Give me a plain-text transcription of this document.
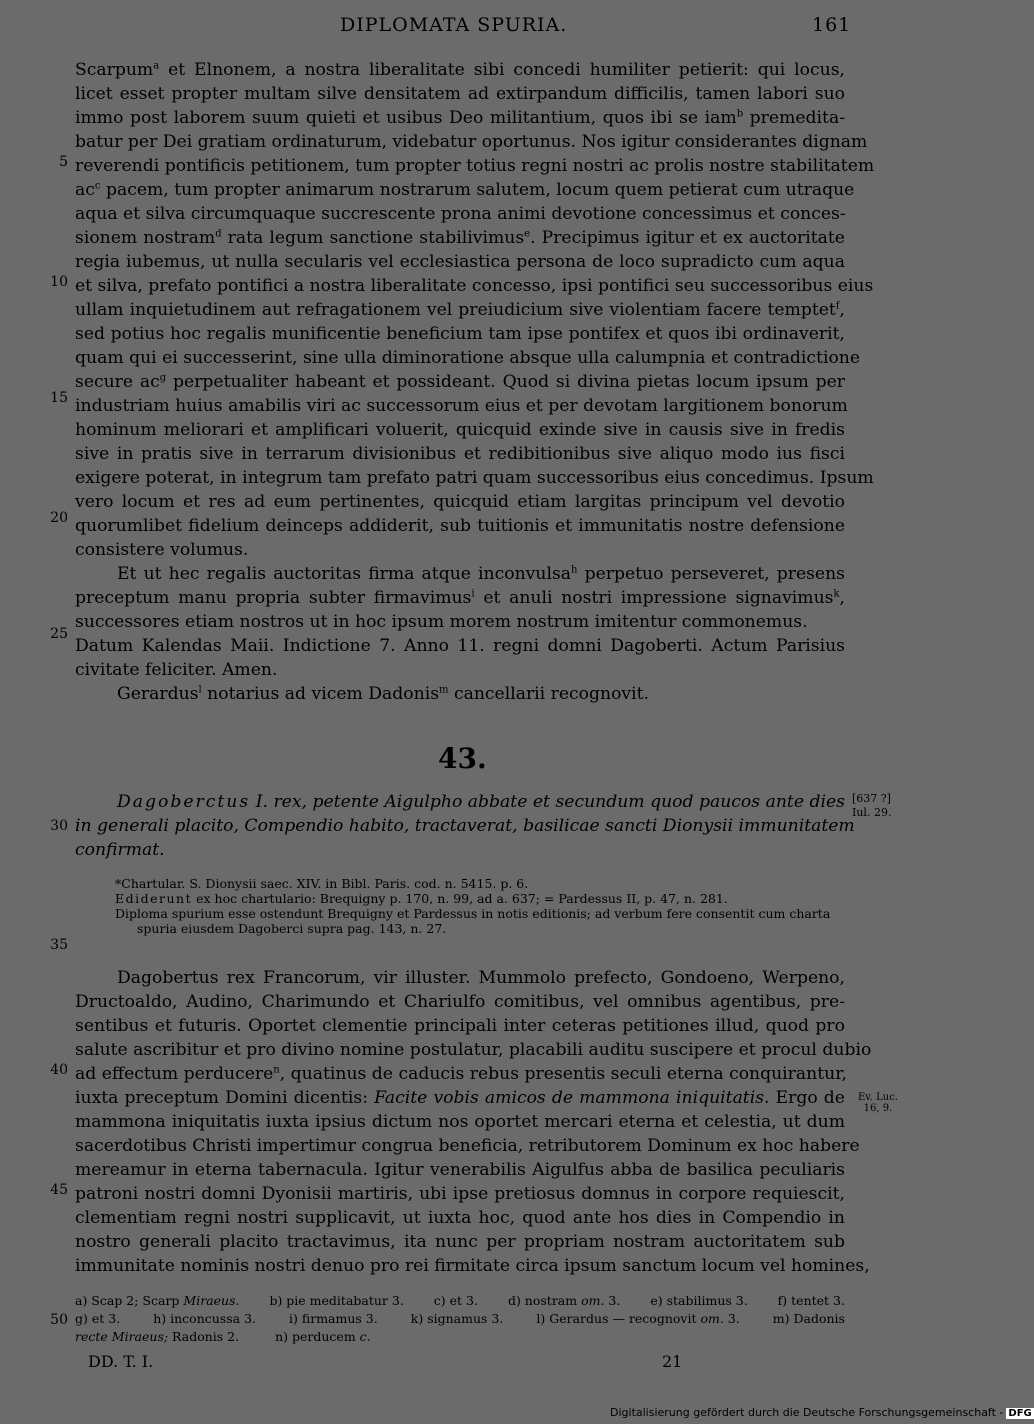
DIPLOMATA SPURIA.	161
Scarpum$^a$ et Elnonem, a nostra liberalitate sibi concedi humiliter petierit: qui locus,
licet esset propter multam silve densitatem ad extirpandum difficilis, tamen labori suo
immo post laborem suum quieti et usibus Deo militantium, quos ibi se iam$^b$ premedita-
batur per Dei gratiam ordinaturum, videbatur oportunus. Nos igitur considerantes dignam
reverendi pontificis petitionem, tum propter totius regni nostri ac prolis nostre stabilitatem
$ac^c$ pacem, tum propter animarum nostrarum salutem, locum quem petierat cum utraque
aqua et silva circumquaque succrescente prona animi devotione concessimus et conces-
sionem nostram$^d$ rata legum sanctione stabilivimus$^e$. Precipimus igitur et ex auctoritate
regia iubemus, ut nulla secularis vel ecclesiastica persona de loco supradicto cum aqua
et silva, prefato pontifici a nostra liberalitate concesso, ipsi pontifici seu successoribus eius
ullam inquietudinem aut refragationem vel preiudicium sive violentiam facere temptet$^f$,
sed potius hoc regalis munificentie beneficium tam ipse pontifex et quos ibi ordinaverit,
quam qui ei successerint, sine ulla diminoratione absque ulla calumpnia et contradictione
secure $ac^g$ perpetualiter habeant et possideant. Quod si divina pietas locum ipsum per
industriam huius amabilis viri ac successorum eius et per devotam largitionem bonorum
hominum meliorari et amplificari voluerit, quicquid exinde sive in causis sive in fredis
sive in pratis sive in terrarum divisionibus et redibitionibus sive aliquo modo ius fisci
exigere poterat, in integrum tam prefato patri quam successoribus eius concedimus. Ipsum
vero locum et res ad eum pertinentes, quicquid etiam largitas principum vel devotio
quorumlibet fidelium deinceps addiderit, sub tuitionis et immunitatis nostre defensione
consistere volumus.
Et ut hec regalis auctoritas firma atque inconvulsa$^h$ perpetuo perseveret, presens
preceptum manu propria subter firmavimus$^i$ et anuli nostri impressione signavimus$^k$,
successores etiam nostros ut in hoc ipsum morem nostrum imitentur commonemus.
Datum Kalendas Maii. Indictione 7. Anno 11. regni domni Dagoberti. Actum Parisius
civitate feliciter. Amen.
Gerardus$^l$ notarius ad vicem Dadonis$^m$ cancellarii recognovit.
5
10
15
20
25
43.
Dagoberctus I. rex, petente Aigulpho abbate et secundum quod paucos ante dies
in generali placito, Compendio habito, tractaverat, basilicae sancti Dionysii immunitatem
confirmat.
30
[637 ?]
Iul. 29.
*Chartular. S. Dionysii saec. XIV. in Bibl. Paris. cod. n. 5415. p. 6.
Ediderunt ex hoc chartulario: Brequigny p. 170, n. 99, ad a. 637; = Pardessus II, p. 47, n. 281.
Diploma spurium esse ostendunt Brequigny et Pardessus in notis editionis; ad verbum fere consentit cum charta
spuria eiusdem Dagoberci supra pag. 143, n. 27.
35
Dagobertus rex Francorum, vir illuster. Mummolo prefecto, Gondoeno, Werpeno,
Dructoaldo, Audino, Charimundo et Chariulfo comitibus, vel omnibus agentibus, pre-
sentibus et futuris. Oportet clementie principali inter ceteras petitiones illud, quod pro
salute ascribitur et pro divino nomine postulatur, placabili auditu suscipere et procul dubio
ad effectum perducere$^n$, quatinus de caducis rebus presentis seculi eterna conquirantur,
iuxta preceptum Domini dicentis: Facite vobis amicos de mammona iniquitatis. Ergo de
mammona iniquitatis iuxta ipsius dictum nos oportet mercari eterna et celestia, ut dum
sacerdotibus Christi impertimur congrua beneficia, retributorem Dominum ex hoc habere
mereamur in eterna tabernacula. Igitur venerabilis Aigulfus abba de basilica peculiaris
patroni nostri domni Dyonisii martiris, ubi ipse pretiosus domnus in corpore requiescit,
clementiam regni nostri supplicavit, ut iuxta hoc, quod ante hos dies in Compendio in
nostro generali placito tractavimus, ita nunc per propriam nostram auctoritatem sub
immunitate nominis nostri denuo pro rei firmitate circa ipsum sanctum locum vel homines,
40
45
Ev. Luc.
16, 9.
a) Scap 2; Scarp Miraeus. b) pie meditabatur 3. c) et 3. d) nostram om. 3. e) stabilimus 3. f) tentet 3.
g) et 3.	h) inconcussa 3.	i) firmamus 3.	k) signamus 3.	l) Gerardus — recognovit om. 3.	m) Dadonis
recte Miraeus; Radonis 2.	n) perducem c.
50
DD. T. I.	21
Digitalisierung gefördert durch die Deutsche Forschungsgemeinschaft - DFG
